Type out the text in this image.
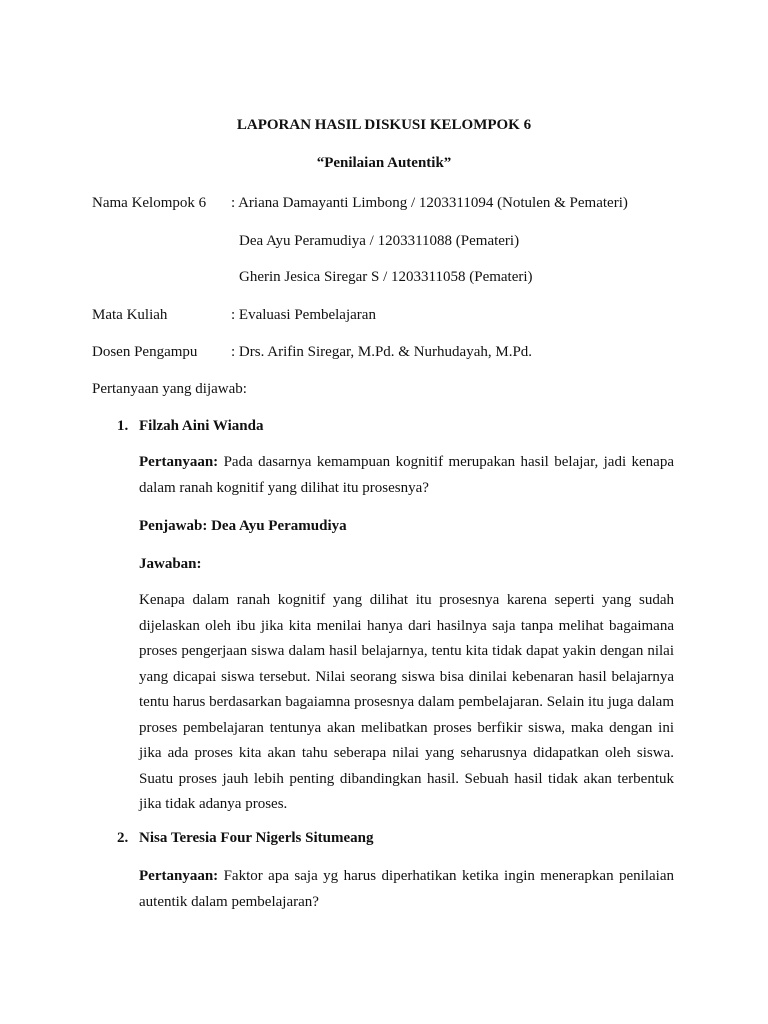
LAPORAN HASIL DISKUSI KELOMPOK 6
“Penilaian Autentik”
Nama Kelompok 6 : Ariana Damayanti Limbong / 1203311094 (Notulen & Pemateri)
Dea Ayu Peramudiya / 1203311088 (Pemateri)
Gherin Jesica Siregar S / 1203311058 (Pemateri)
Mata Kuliah	: Evaluasi Pembelajaran
Dosen Pengampu : Drs. Arifin Siregar, M.Pd. & Nurhudayah, M.Pd.
Pertanyaan yang dijawab:
1. Filzah Aini Wianda
Pertanyaan: Pada dasarnya kemampuan kognitif merupakan hasil belajar, jadi kenapa dalam ranah kognitif yang dilihat itu prosesnya?
Penjawab: Dea Ayu Peramudiya
Jawaban:
Kenapa dalam ranah kognitif yang dilihat itu prosesnya karena seperti yang sudah dijelaskan oleh ibu jika kita menilai hanya dari hasilnya saja tanpa melihat bagaimana proses pengerjaan siswa dalam hasil belajarnya, tentu kita tidak dapat yakin dengan nilai yang dicapai siswa tersebut. Nilai seorang siswa bisa dinilai kebenaran hasil belajarnya tentu harus berdasarkan bagaiamna prosesnya dalam pembelajaran. Selain itu juga dalam proses pembelajaran tentunya akan melibatkan proses berfikir siswa, maka dengan ini jika ada proses kita akan tahu seberapa nilai yang seharusnya didapatkan oleh siswa. Suatu proses jauh lebih penting dibandingkan hasil. Sebuah hasil tidak akan terbentuk jika tidak adanya proses.
2. Nisa Teresia Four Nigerls Situmeang
Pertanyaan: Faktor apa saja yg harus diperhatikan ketika ingin menerapkan penilaian autentik dalam pembelajaran?
